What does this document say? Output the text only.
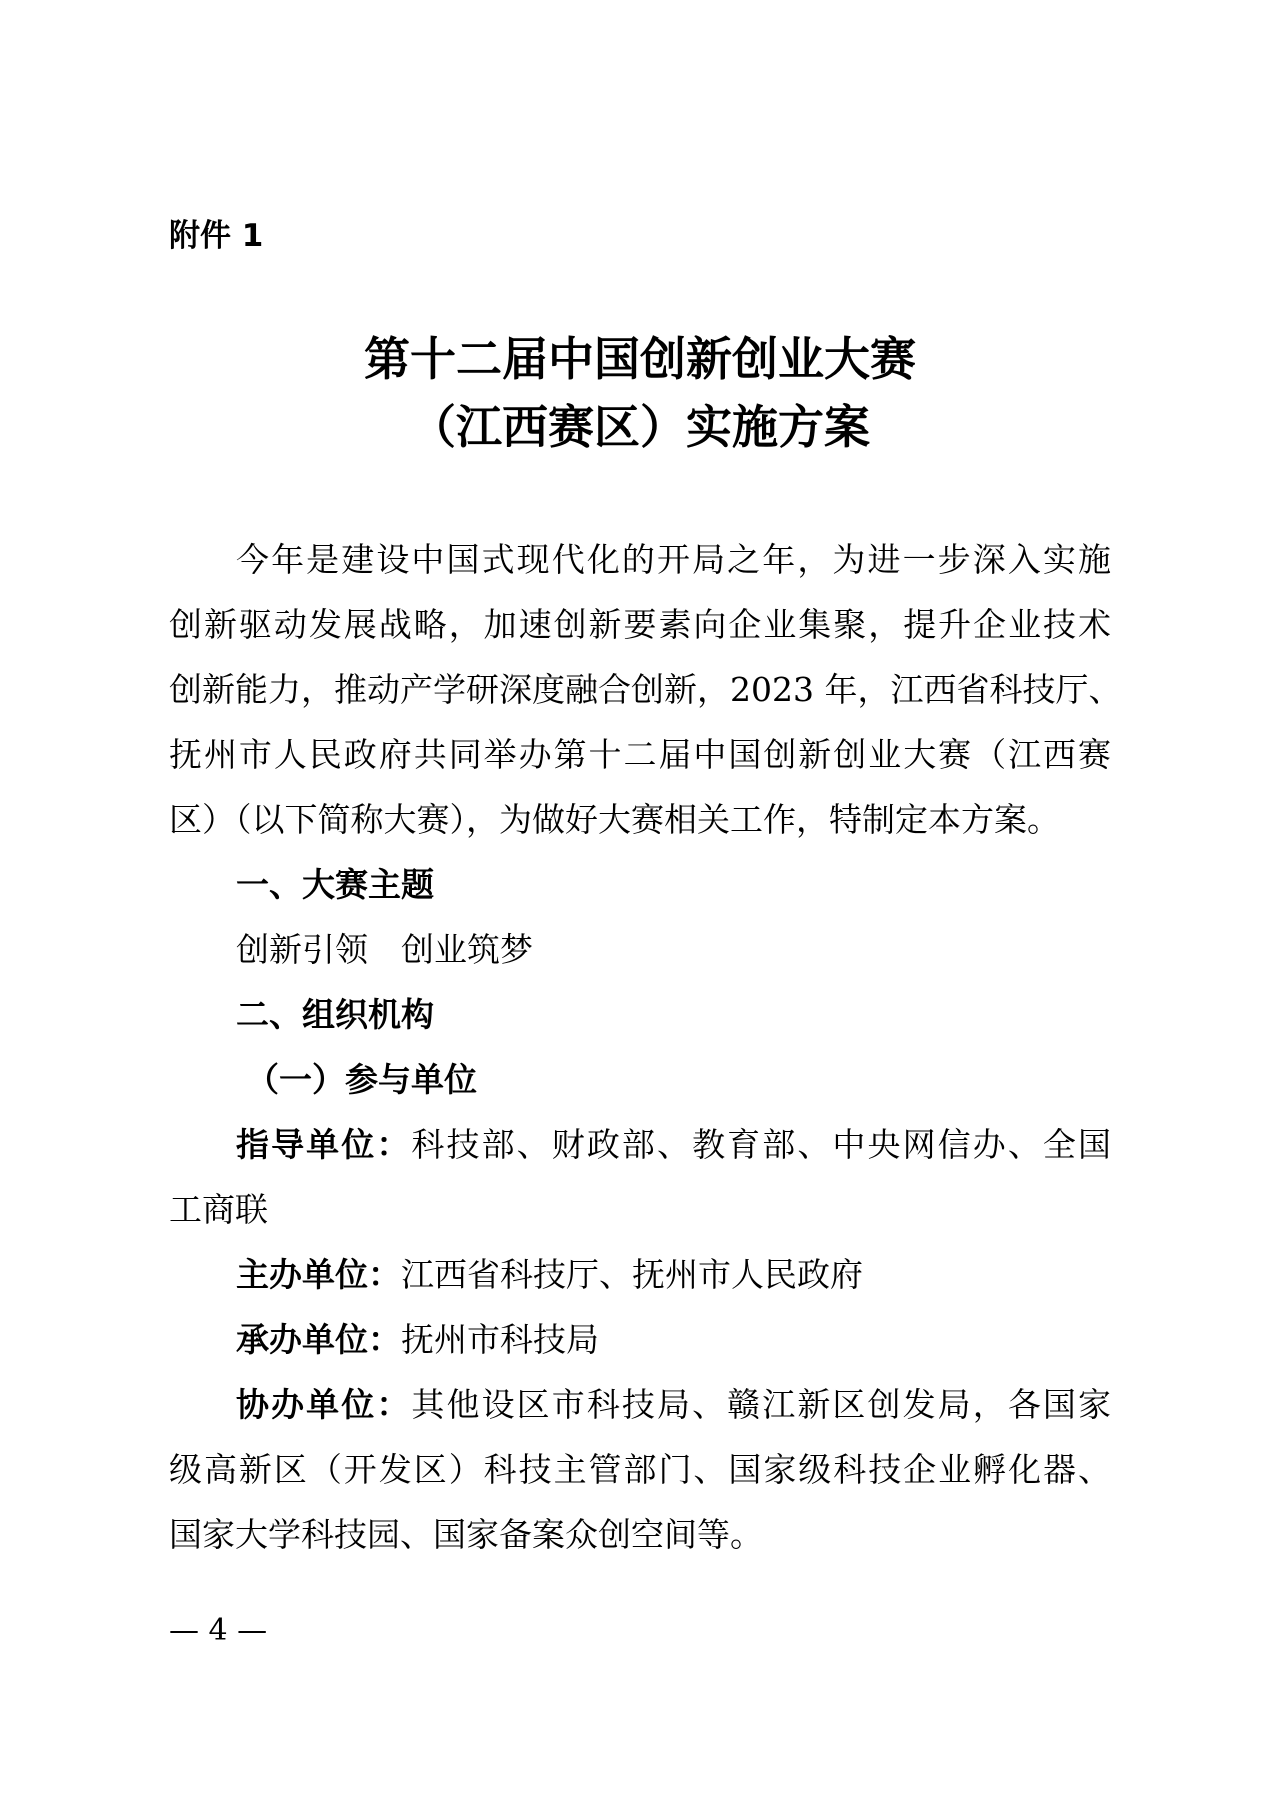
附件 1

第十二届中国创新创业大赛
（江西赛区）实施方案

今年是建设中国式现代化的开局之年，为进一步深入实施

创新驱动发展战略，加速创新要素向企业集聚，提升企业技术

创新能力，推动产学研深度融合创新，2023 年，江西省科技厅、

抚州市人民政府共同举办第十二届中国创新创业大赛（江西赛

区）（以下简称大赛），为做好大赛相关工作，特制定本方案。

一、大赛主题

创新引领　创业筑梦

二、组织机构

（一）参与单位

指导单位：科技部、财政部、教育部、中央网信办、全国

工商联

主办单位：江西省科技厅、抚州市人民政府

承办单位：抚州市科技局

协办单位：其他设区市科技局、赣江新区创发局，各国家

级高新区（开发区）科技主管部门、国家级科技企业孵化器、

国家大学科技园、国家备案众创空间等。

— 4 —
